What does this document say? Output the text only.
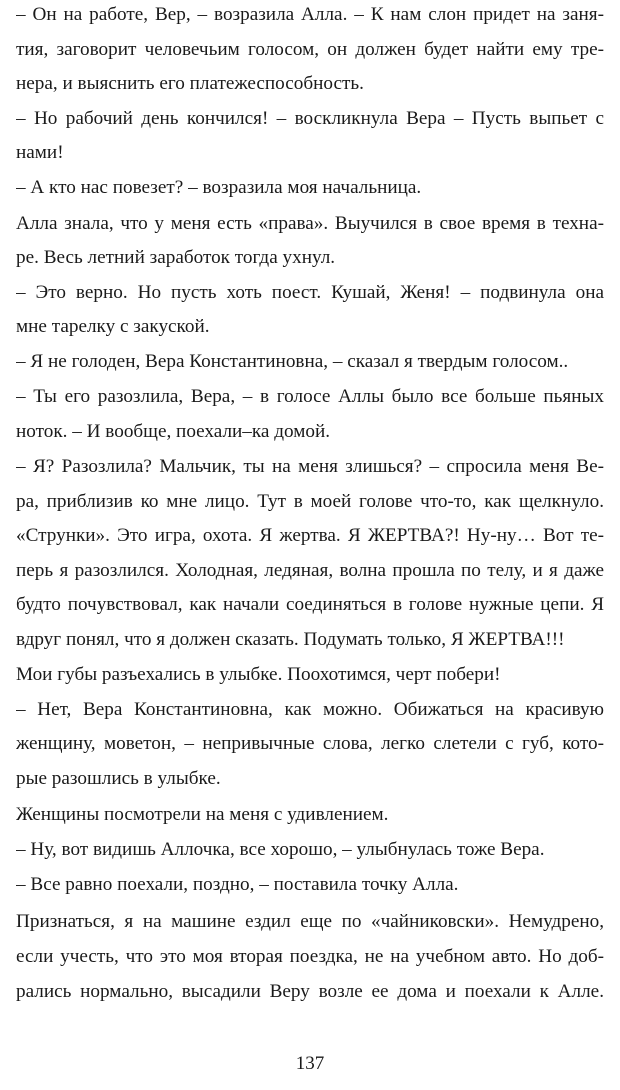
– Он на работе, Вер, – возразила Алла. – К нам слон придет на заня-
тия, заговорит человечьим голосом, он должен будет найти ему тре-
нера, и выяснить его платежеспособность.
– Но рабочий день кончился! – воскликнула Вера – Пусть выпьет с
нами!
– А кто нас повезет? – возразила моя начальница.
Алла знала, что у меня есть «права». Выучился в свое время в техна-
ре. Весь летний заработок тогда ухнул.
– Это верно. Но пусть хоть поест. Кушай, Женя! – подвинула она
мне тарелку с закуской.
– Я не голоден, Вера Константиновна, – сказал я твердым голосом..
– Ты его разозлила, Вера, – в голосе Аллы было все больше пьяных
ноток. – И вообще, поехали–ка домой.
– Я? Разозлила? Мальчик, ты на меня злишься? – спросила меня Ве-
ра, приблизив ко мне лицо. Тут в моей голове что-то, как щелкнуло.
«Струнки». Это игра, охота. Я жертва. Я ЖЕРТВА?! Ну-ну… Вот те-
перь я разозлился. Холодная, ледяная, волна прошла по телу, и я даже
будто почувствовал, как начали соединяться в голове нужные цепи. Я
вдруг понял, что я должен сказать. Подумать только, Я ЖЕРТВА!!!
Мои губы разъехались в улыбке. Поохотимся, черт побери!
– Нет, Вера Константиновна, как можно. Обижаться на красивую
женщину, моветон, – непривычные слова, легко слетели с губ, кото-
рые разошлись в улыбке.
Женщины посмотрели на меня с удивлением.
– Ну, вот видишь Аллочка, все хорошо, – улыбнулась тоже Вера.
– Все равно поехали, поздно, – поставила точку Алла.
Признаться, я на машине ездил еще по «чайниковски». Немудрено,
если учесть, что это моя вторая поездка, не на учебном авто. Но доб-
рались нормально, высадили Веру возле ее дома и поехали к Алле.
137
